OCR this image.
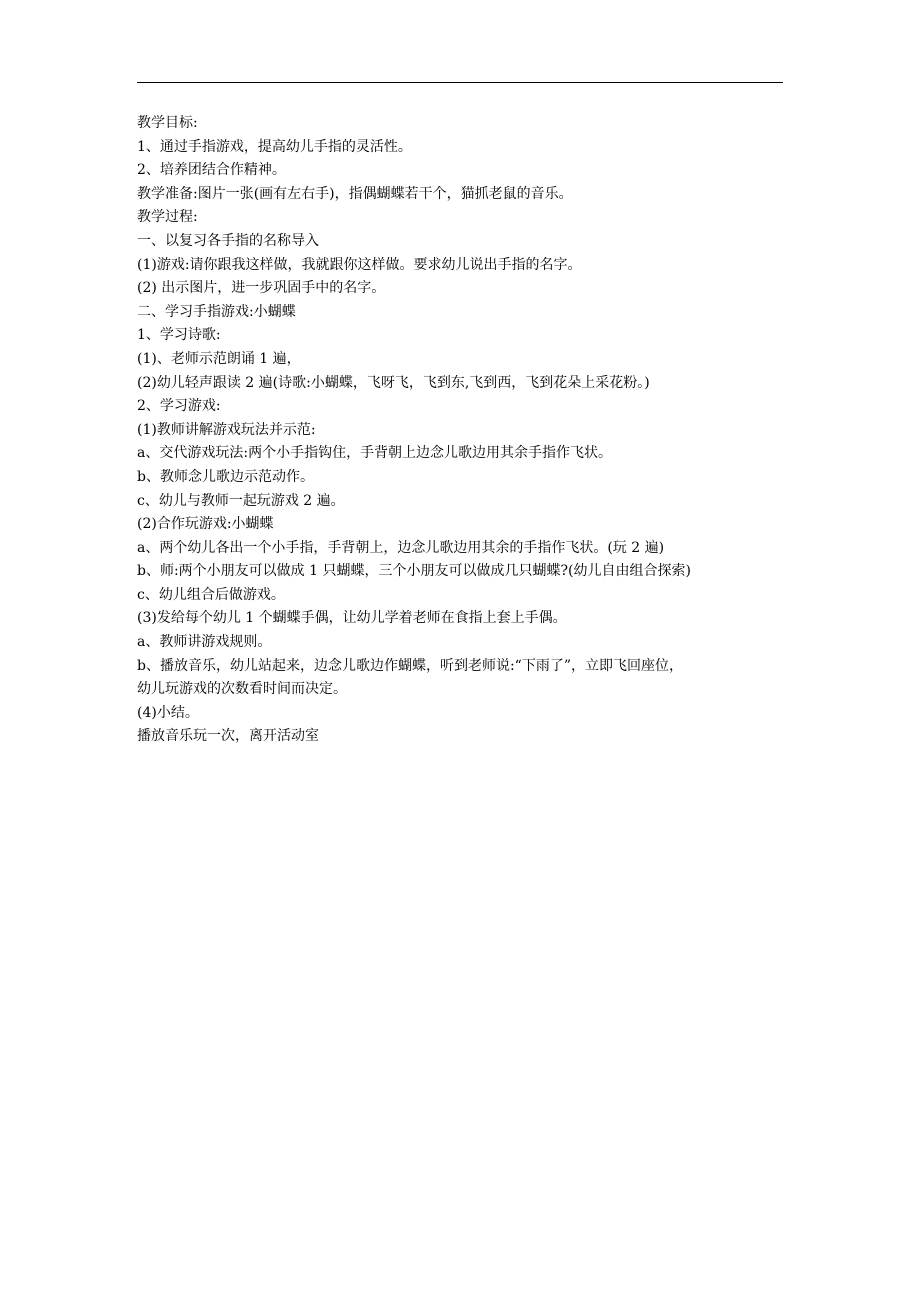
教学目标:

1、通过手指游戏，提高幼儿手指的灵活性。

2、培养团结合作精神。

教学准备:图片一张(画有左右手)，指偶蝴蝶若干个，猫抓老鼠的音乐。

教学过程:

一、以复习各手指的名称导入

(1)游戏:请你跟我这样做，我就跟你这样做。要求幼儿说出手指的名字。

(2) 出示图片，进一步巩固手中的名字。

二、学习手指游戏:小蝴蝶

1、学习诗歌:

(1)、老师示范朗诵 1 遍，

(2)幼儿轻声跟读 2 遍(诗歌:小蝴蝶，飞呀飞，飞到东,飞到西，飞到花朵上采花粉。)

2、学习游戏:

(1)教师讲解游戏玩法并示范:

a、交代游戏玩法:两个小手指钩住，手背朝上边念儿歌边用其余手指作飞状。

b、教师念儿歌边示范动作。

c、幼儿与教师一起玩游戏 2 遍。

(2)合作玩游戏:小蝴蝶

a、两个幼儿各出一个小手指，手背朝上，边念儿歌边用其余的手指作飞状。(玩 2 遍)

b、师:两个小朋友可以做成 1 只蝴蝶，三个小朋友可以做成几只蝴蝶?(幼儿自由组合探索)

c、幼儿组合后做游戏。

(3)发给每个幼儿 1 个蝴蝶手偶，让幼儿学着老师在食指上套上手偶。

a、教师讲游戏规则。

b、播放音乐，幼儿站起来，边念儿歌边作蝴蝶，听到老师说:“下雨了”，立即飞回座位，

幼儿玩游戏的次数看时间而决定。

(4)小结。

播放音乐玩一次，离开活动室
